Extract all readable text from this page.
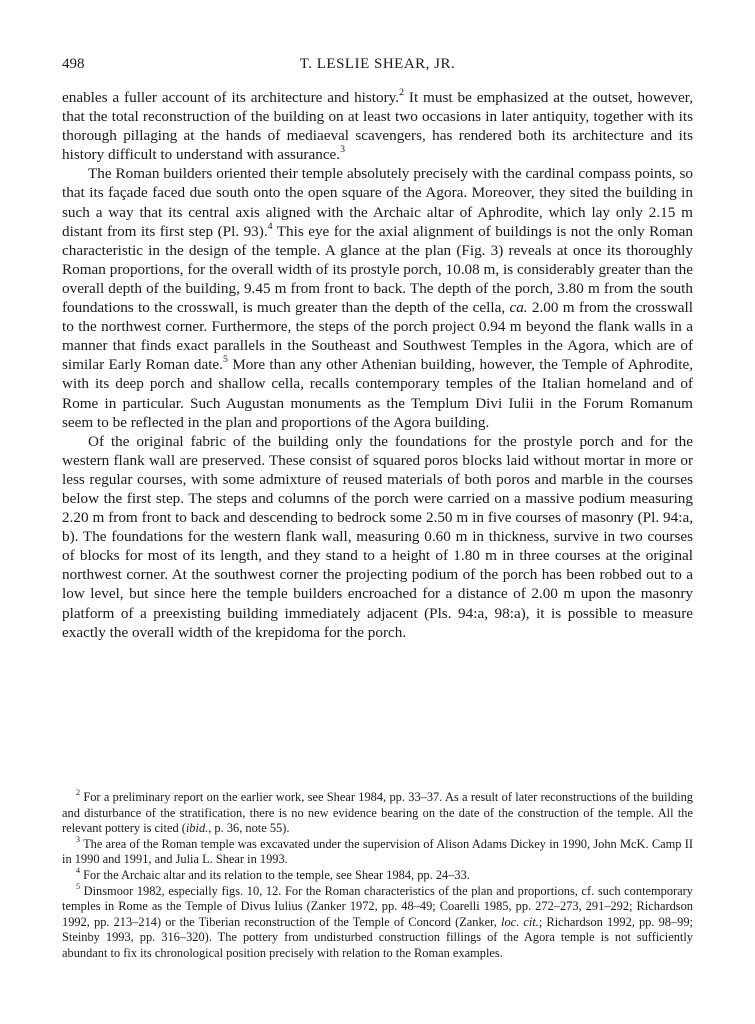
498	T. LESLIE SHEAR, JR.

enables a fuller account of its architecture and history.$^2$ It must be emphasized at the outset, however, that the total reconstruction of the building on at least two occasions in later antiquity, together with its thorough pillaging at the hands of mediaeval scavengers, has rendered both its architecture and its history difficult to understand with assurance.$^3$

The Roman builders oriented their temple absolutely precisely with the cardinal compass points, so that its façade faced due south onto the open square of the Agora. Moreover, they sited the building in such a way that its central axis aligned with the Archaic altar of Aphrodite, which lay only 2.15 m distant from its first step (Pl. 93).$^4$ This eye for the axial alignment of buildings is not the only Roman characteristic in the design of the temple. A glance at the plan (Fig. 3) reveals at once its thoroughly Roman proportions, for the overall width of its prostyle porch, 10.08 m, is considerably greater than the overall depth of the building, 9.45 m from front to back. The depth of the porch, 3.80 m from the south foundations to the crosswall, is much greater than the depth of the cella, ca. 2.00 m from the crosswall to the northwest corner. Furthermore, the steps of the porch project 0.94 m beyond the flank walls in a manner that finds exact parallels in the Southeast and Southwest Temples in the Agora, which are of similar Early Roman date.$^5$ More than any other Athenian building, however, the Temple of Aphrodite, with its deep porch and shallow cella, recalls contemporary temples of the Italian homeland and of Rome in particular. Such Augustan monuments as the Templum Divi Iulii in the Forum Romanum seem to be reflected in the plan and proportions of the Agora building.

Of the original fabric of the building only the foundations for the prostyle porch and for the western flank wall are preserved. These consist of squared poros blocks laid without mortar in more or less regular courses, with some admixture of reused materials of both poros and marble in the courses below the first step. The steps and columns of the porch were carried on a massive podium measuring 2.20 m from front to back and descending to bedrock some 2.50 m in five courses of masonry (Pl. 94:a, b). The foundations for the western flank wall, measuring 0.60 m in thickness, survive in two courses of blocks for most of its length, and they stand to a height of 1.80 m in three courses at the original northwest corner. At the southwest corner the projecting podium of the porch has been robbed out to a low level, but since here the temple builders encroached for a distance of 2.00 m upon the masonry platform of a preexisting building immediately adjacent (Pls. 94:a, 98:a), it is possible to measure exactly the overall width of the krepidoma for the porch.

$^2$ For a preliminary report on the earlier work, see Shear 1984, pp. 33–37. As a result of later reconstructions of the building and disturbance of the stratification, there is no new evidence bearing on the date of the construction of the temple. All the relevant pottery is cited (ibid., p. 36, note 55).

$^3$ The area of the Roman temple was excavated under the supervision of Alison Adams Dickey in 1990, John McK. Camp II in 1990 and 1991, and Julia L. Shear in 1993.

$^4$ For the Archaic altar and its relation to the temple, see Shear 1984, pp. 24–33.

$^5$ Dinsmoor 1982, especially figs. 10, 12. For the Roman characteristics of the plan and proportions, cf. such contemporary temples in Rome as the Temple of Divus Iulius (Zanker 1972, pp. 48–49; Coarelli 1985, pp. 272–273, 291–292; Richardson 1992, pp. 213–214) or the Tiberian reconstruction of the Temple of Concord (Zanker, loc. cit.; Richardson 1992, pp. 98–99; Steinby 1993, pp. 316–320). The pottery from undisturbed construction fillings of the Agora temple is not sufficiently abundant to fix its chronological position precisely with relation to the Roman examples.
